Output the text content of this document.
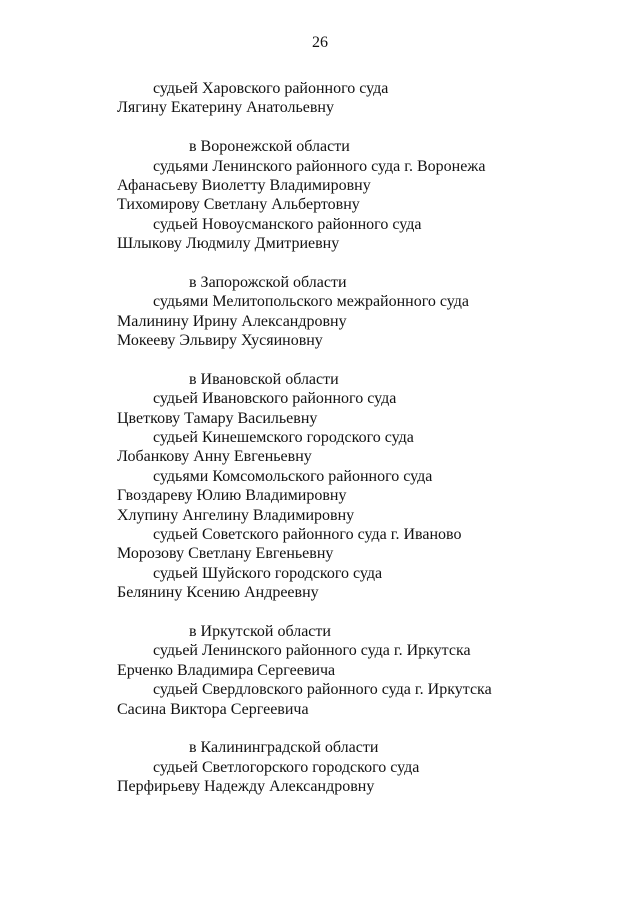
26
судьей Харовского районного суда
Лягину Екатерину Анатольевну
в Воронежской области
судьями Ленинского районного суда г. Воронежа
Афанасьеву Виолетту Владимировну
Тихомирову Светлану Альбертовну
судьей Новоусманского районного суда
Шлыкову Людмилу Дмитриевну
в Запорожской области
судьями Мелитопольского межрайонного суда
Малинину Ирину Александровну
Мокееву Эльвиру Хусяиновну
в Ивановской области
судьей Ивановского районного суда
Цветкову Тамару Васильевну
судьей Кинешемского городского суда
Лобанкову Анну Евгеньевну
судьями Комсомольского районного суда
Гвоздареву Юлию Владимировну
Хлупину Ангелину Владимировну
судьей Советского районного суда г. Иваново
Морозову Светлану Евгеньевну
судьей Шуйского городского суда
Белянину Ксению Андреевну
в Иркутской области
судьей Ленинского районного суда г. Иркутска
Ерченко Владимира Сергеевича
судьей Свердловского районного суда г. Иркутска
Сасина Виктора Сергеевича
в Калининградской области
судьей Светлогорского городского суда
Перфирьеву Надежду Александровну
